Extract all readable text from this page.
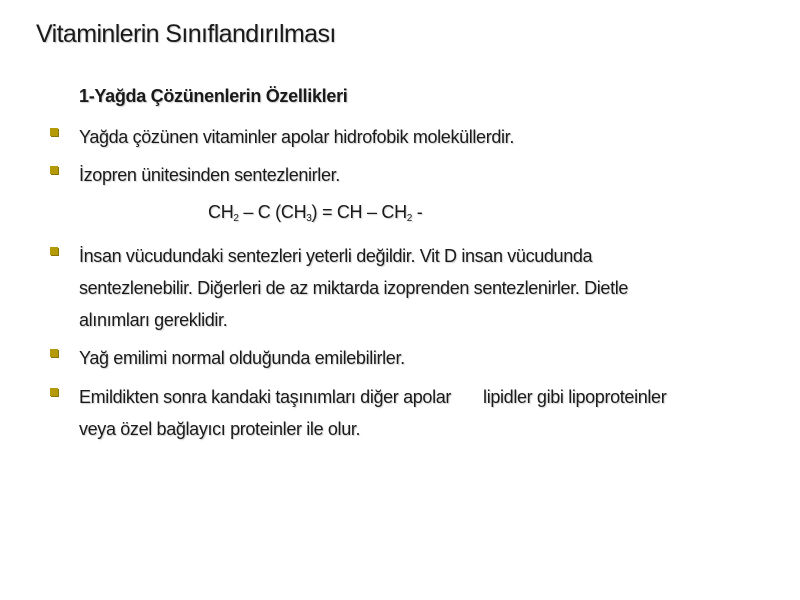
Vitaminlerin Sınıflandırılması
1-Yağda Çözünenlerin Özellikleri
Yağda çözünen vitaminler apolar hidrofobik moleküllerdir.
İzopren ünitesinden sentezlenirler.
$CH_2$ – C $(CH_3)$ = CH – $CH_2$ -
İnsan vücudundaki sentezleri yeterli değildir. Vit D insan vücudunda
sentezlenebilir. Diğerleri de az miktarda izoprenden sentezlenirler. Dietle
alınımları gereklidir.
Yağ emilimi normal olduğunda emilebilirler.
Emildikten sonra kandaki taşınımları diğer apolar lipidler gibi lipoproteinler
veya özel bağlayıcı proteinler ile olur.
